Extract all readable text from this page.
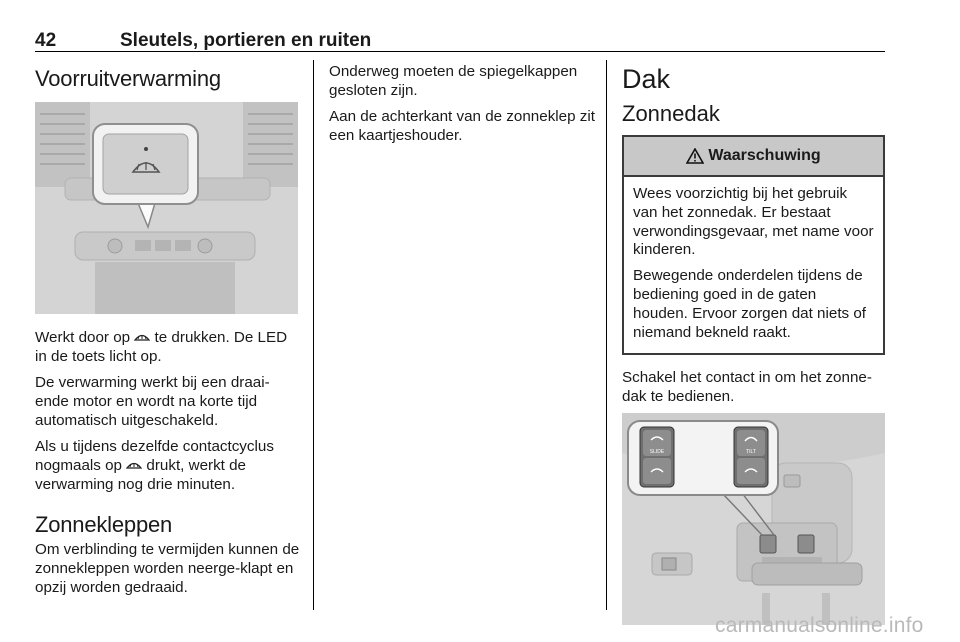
42	Sleutels, portieren en ruiten
Voorruitverwarming

Werkt door op  te drukken. De LED in de toets licht op.

De verwarming werkt bij een draai-ende motor en wordt na korte tijd automatisch uitgeschakeld.

Als u tijdens dezelfde contactcyclus nogmaals op  drukt, werkt de verwarming nog drie minuten.

Zonnekleppen

Om verblinding te vermijden kunnen de zonnekleppen worden neerge-klapt en opzij worden gedraaid.

Onderweg moeten de spiegelkappen gesloten zijn.

Aan de achterkant van de zonneklep zit een kaartjeshouder.

Dak
Zonnedak
Waarschuwing

Wees voorzichtig bij het gebruik van het zonnedak. Er bestaat verwondingsgevaar, met name voor kinderen.

Bewegende onderdelen tijdens de bediening goed in de gaten houden. Ervoor zorgen dat niets of niemand bekneld raakt.

Schakel het contact in om het zonne-dak te bedienen.

SLIDE	TILT
carmanualsonline.info
